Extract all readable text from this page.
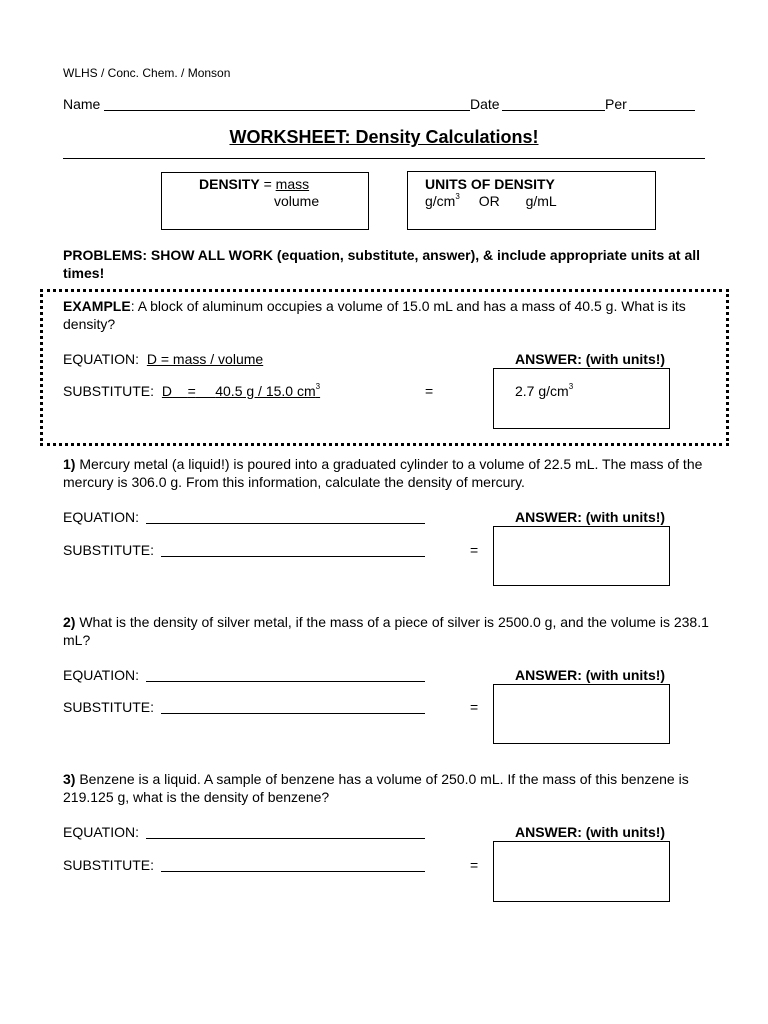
WLHS / Conc. Chem. / Monson
Name	Date	Per
WORKSHEET: Density Calculations!
DENSITY = mass
volume
UNITS OF DENSITY
$g/cm^3$ OR g/mL
PROBLEMS: SHOW ALL WORK (equation, substitute, answer), & include appropriate units at all times!
EXAMPLE: A block of aluminum occupies a volume of 15.0 mL and has a mass of 40.5 g. What is its density?
EQUATION: D = mass / volume	ANSWER: (with units!)
SUBSTITUTE: D = 40.5 g / 15.0 $cm^3$	=	2.7 $g/cm^3$
1) Mercury metal (a liquid!) is poured into a graduated cylinder to a volume of 22.5 mL. The mass of the mercury is 306.0 g. From this information, calculate the density of mercury.
EQUATION:	ANSWER: (with units!)
SUBSTITUTE:	=
2) What is the density of silver metal, if the mass of a piece of silver is 2500.0 g, and the volume is 238.1 mL?
EQUATION:	ANSWER: (with units!)
SUBSTITUTE:	=
3) Benzene is a liquid. A sample of benzene has a volume of 250.0 mL. If the mass of this benzene is 219.125 g, what is the density of benzene?
EQUATION:	ANSWER: (with units!)
SUBSTITUTE:	=
